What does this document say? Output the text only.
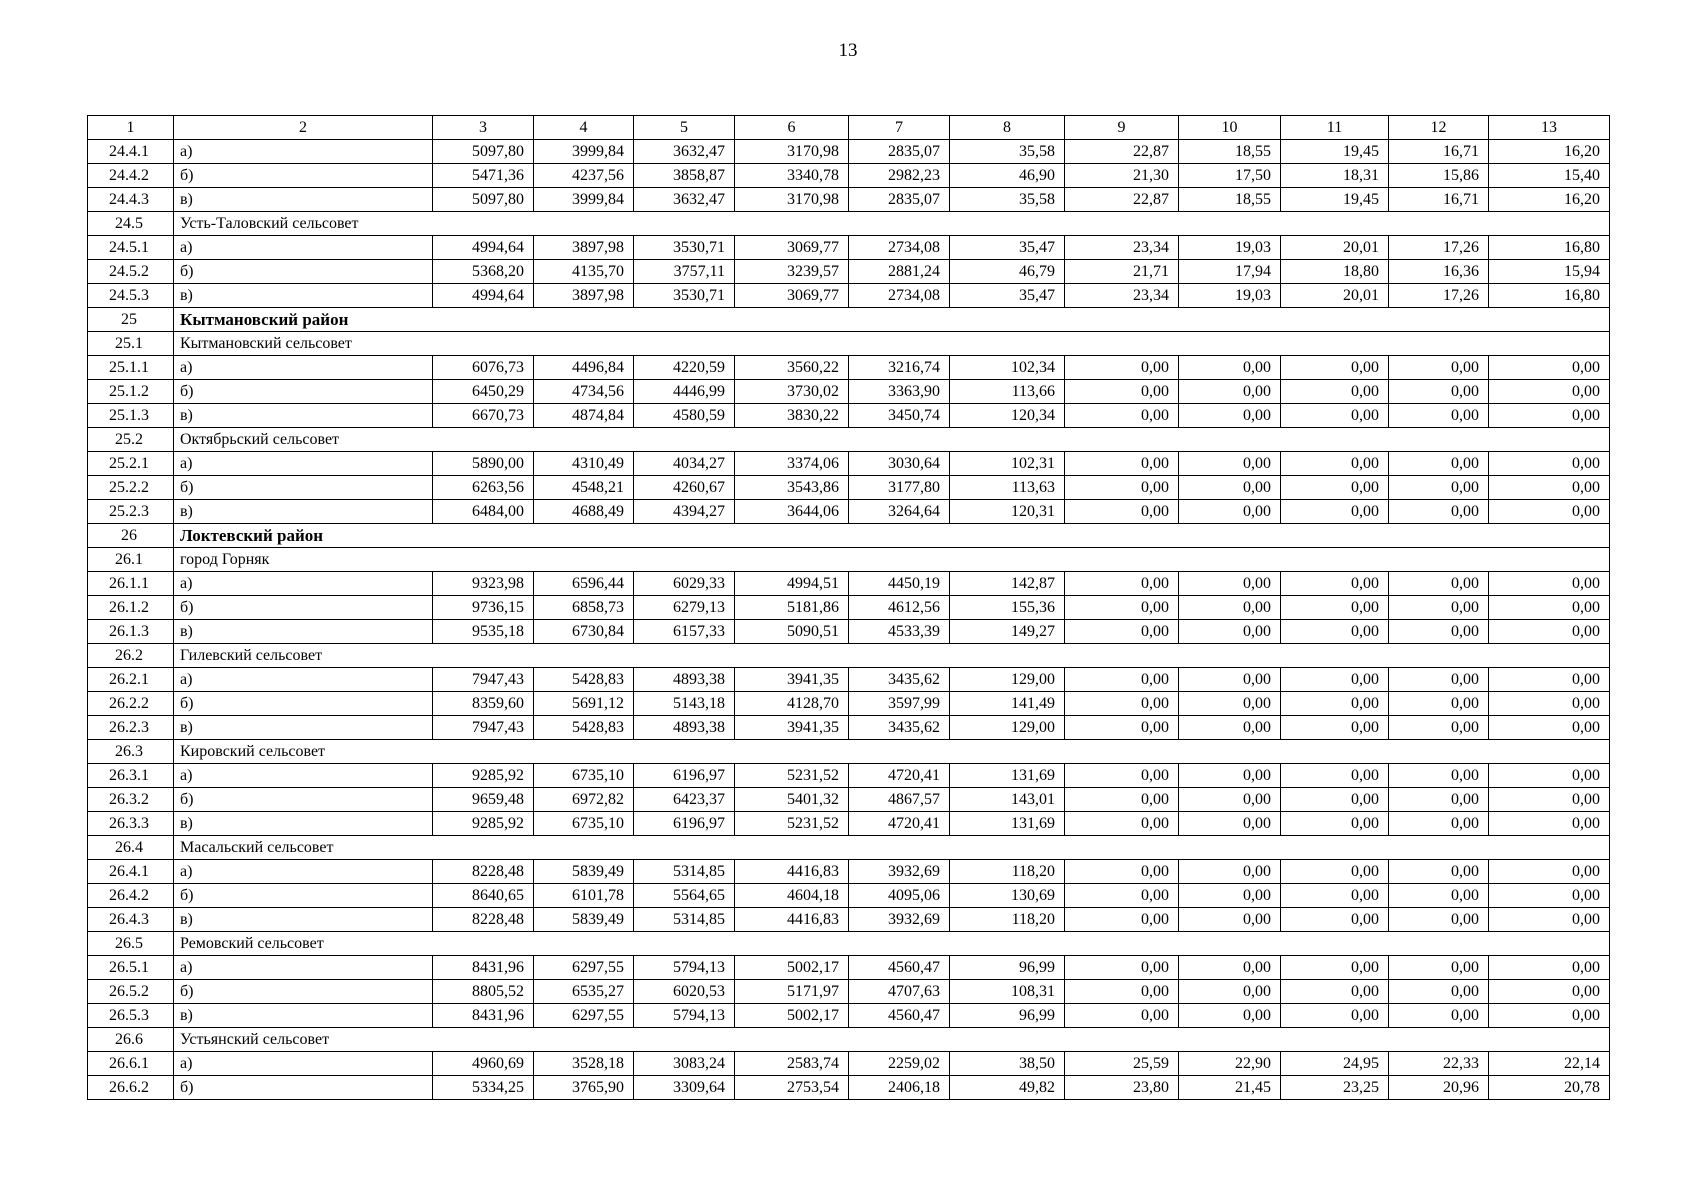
13
1	2	3	4	5	6	7	8	9	10	11	12	13
24.4.1	а)	5097,80	3999,84	3632,47	3170,98	2835,07	35,58	22,87	18,55	19,45	16,71	16,20
24.4.2	б)	5471,36	4237,56	3858,87	3340,78	2982,23	46,90	21,30	17,50	18,31	15,86	15,40
24.4.3	в)	5097,80	3999,84	3632,47	3170,98	2835,07	35,58	22,87	18,55	19,45	16,71	16,20
24.5	Усть-Таловский сельсовет											
24.5.1	а)	4994,64	3897,98	3530,71	3069,77	2734,08	35,47	23,34	19,03	20,01	17,26	16,80
24.5.2	б)	5368,20	4135,70	3757,11	3239,57	2881,24	46,79	21,71	17,94	18,80	16,36	15,94
24.5.3	в)	4994,64	3897,98	3530,71	3069,77	2734,08	35,47	23,34	19,03	20,01	17,26	16,80
25	Кытмановский район											
25.1	Кытмановский сельсовет											
25.1.1	а)	6076,73	4496,84	4220,59	3560,22	3216,74	102,34	0,00	0,00	0,00	0,00	0,00
25.1.2	б)	6450,29	4734,56	4446,99	3730,02	3363,90	113,66	0,00	0,00	0,00	0,00	0,00
25.1.3	в)	6670,73	4874,84	4580,59	3830,22	3450,74	120,34	0,00	0,00	0,00	0,00	0,00
25.2	Октябрьский сельсовет											
25.2.1	а)	5890,00	4310,49	4034,27	3374,06	3030,64	102,31	0,00	0,00	0,00	0,00	0,00
25.2.2	б)	6263,56	4548,21	4260,67	3543,86	3177,80	113,63	0,00	0,00	0,00	0,00	0,00
25.2.3	в)	6484,00	4688,49	4394,27	3644,06	3264,64	120,31	0,00	0,00	0,00	0,00	0,00
26	Локтевский район											
26.1	город Горняк											
26.1.1	а)	9323,98	6596,44	6029,33	4994,51	4450,19	142,87	0,00	0,00	0,00	0,00	0,00
26.1.2	б)	9736,15	6858,73	6279,13	5181,86	4612,56	155,36	0,00	0,00	0,00	0,00	0,00
26.1.3	в)	9535,18	6730,84	6157,33	5090,51	4533,39	149,27	0,00	0,00	0,00	0,00	0,00
26.2	Гилевский сельсовет											
26.2.1	а)	7947,43	5428,83	4893,38	3941,35	3435,62	129,00	0,00	0,00	0,00	0,00	0,00
26.2.2	б)	8359,60	5691,12	5143,18	4128,70	3597,99	141,49	0,00	0,00	0,00	0,00	0,00
26.2.3	в)	7947,43	5428,83	4893,38	3941,35	3435,62	129,00	0,00	0,00	0,00	0,00	0,00
26.3	Кировский сельсовет											
26.3.1	а)	9285,92	6735,10	6196,97	5231,52	4720,41	131,69	0,00	0,00	0,00	0,00	0,00
26.3.2	б)	9659,48	6972,82	6423,37	5401,32	4867,57	143,01	0,00	0,00	0,00	0,00	0,00
26.3.3	в)	9285,92	6735,10	6196,97	5231,52	4720,41	131,69	0,00	0,00	0,00	0,00	0,00
26.4	Масальский сельсовет											
26.4.1	а)	8228,48	5839,49	5314,85	4416,83	3932,69	118,20	0,00	0,00	0,00	0,00	0,00
26.4.2	б)	8640,65	6101,78	5564,65	4604,18	4095,06	130,69	0,00	0,00	0,00	0,00	0,00
26.4.3	в)	8228,48	5839,49	5314,85	4416,83	3932,69	118,20	0,00	0,00	0,00	0,00	0,00
26.5	Ремовский сельсовет											
26.5.1	а)	8431,96	6297,55	5794,13	5002,17	4560,47	96,99	0,00	0,00	0,00	0,00	0,00
26.5.2	б)	8805,52	6535,27	6020,53	5171,97	4707,63	108,31	0,00	0,00	0,00	0,00	0,00
26.5.3	в)	8431,96	6297,55	5794,13	5002,17	4560,47	96,99	0,00	0,00	0,00	0,00	0,00
26.6	Устьянский сельсовет											
26.6.1	а)	4960,69	3528,18	3083,24	2583,74	2259,02	38,50	25,59	22,90	24,95	22,33	22,14
26.6.2	б)	5334,25	3765,90	3309,64	2753,54	2406,18	49,82	23,80	21,45	23,25	20,96	20,78
